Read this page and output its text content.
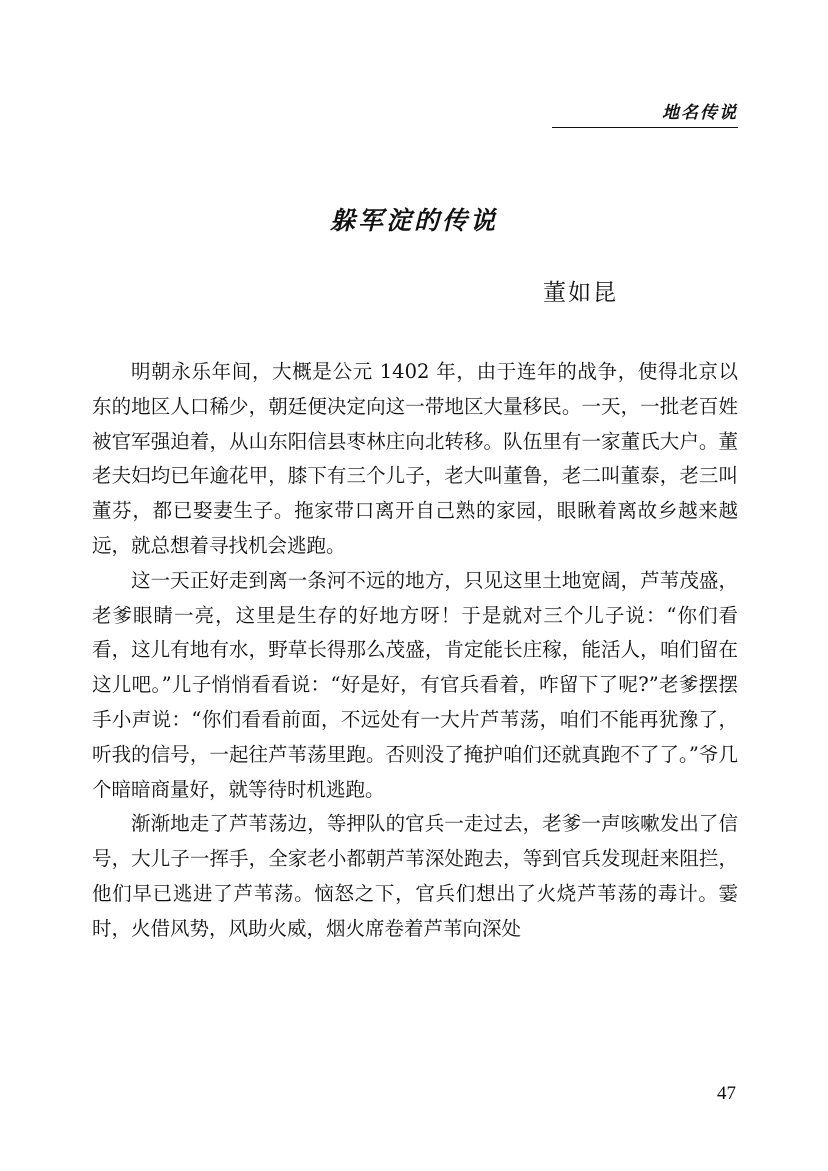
地名传说
躲军淀的传说
董如昆

明朝永乐年间，大概是公元 1402 年，由于连年的战争，使得北京以东的地区人口稀少，朝廷便决定向这一带地区大量移民。一天，一批老百姓被官军强迫着，从山东阳信县枣林庄向北转移。队伍里有一家董氏大户。董老夫妇均已年逾花甲，膝下有三个儿子，老大叫董鲁，老二叫董泰，老三叫董芬，都已娶妻生子。拖家带口离开自己熟的家园，眼瞅着离故乡越来越远，就总想着寻找机会逃跑。

这一天正好走到离一条河不远的地方，只见这里土地宽阔，芦苇茂盛，老爹眼睛一亮，这里是生存的好地方呀！于是就对三个儿子说：“你们看看，这儿有地有水，野草长得那么茂盛，肯定能长庄稼，能活人，咱们留在这儿吧。”儿子悄悄看看说：“好是好，有官兵看着，咋留下了呢?”老爹摆摆手小声说：“你们看看前面，不远处有一大片芦苇荡，咱们不能再犹豫了，听我的信号，一起往芦苇荡里跑。否则没了掩护咱们还就真跑不了了。”爷几个暗暗商量好，就等待时机逃跑。

渐渐地走了芦苇荡边，等押队的官兵一走过去，老爹一声咳嗽发出了信号，大儿子一挥手，全家老小都朝芦苇深处跑去，等到官兵发现赶来阻拦，他们早已逃进了芦苇荡。恼怒之下，官兵们想出了火烧芦苇荡的毒计。霎时，火借风势，风助火威，烟火席卷着芦苇向深处

47
